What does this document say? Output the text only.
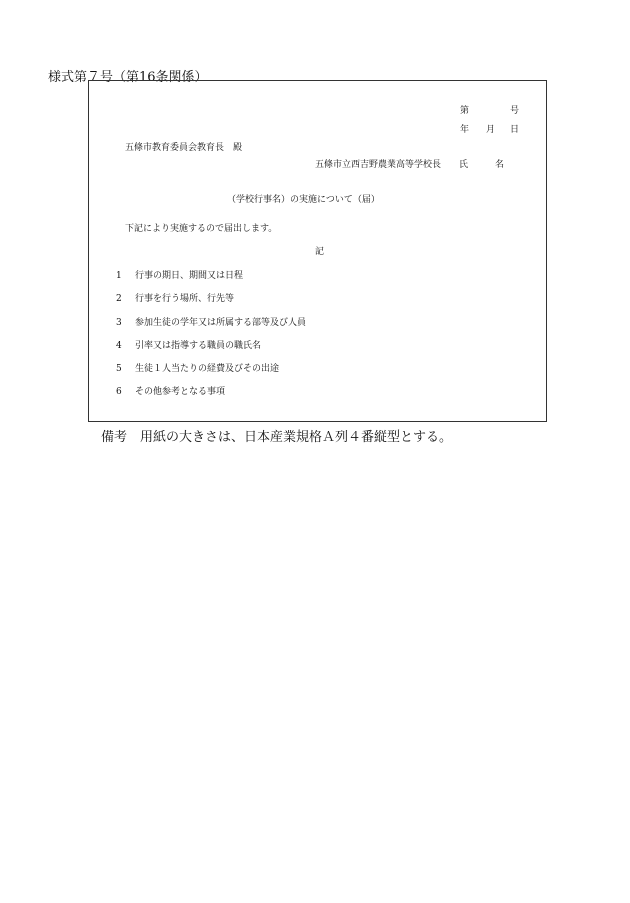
様式第７号（第16条関係）
第	号
年 月 日
五條市教育委員会教育長　殿
五條市立西吉野農業高等学校長 氏	名
（学校行事名）の実施について（届）
下記により実施するので届出します。
記
1 行事の期日、期間又は日程
2 行事を行う場所、行先等
3 参加生徒の学年又は所属する部等及び人員
4 引率又は指導する職員の職氏名
5 生徒１人当たりの経費及びその出途
6 その他参考となる事項
備考　用紙の大きさは、日本産業規格Ａ列４番縦型とする。
